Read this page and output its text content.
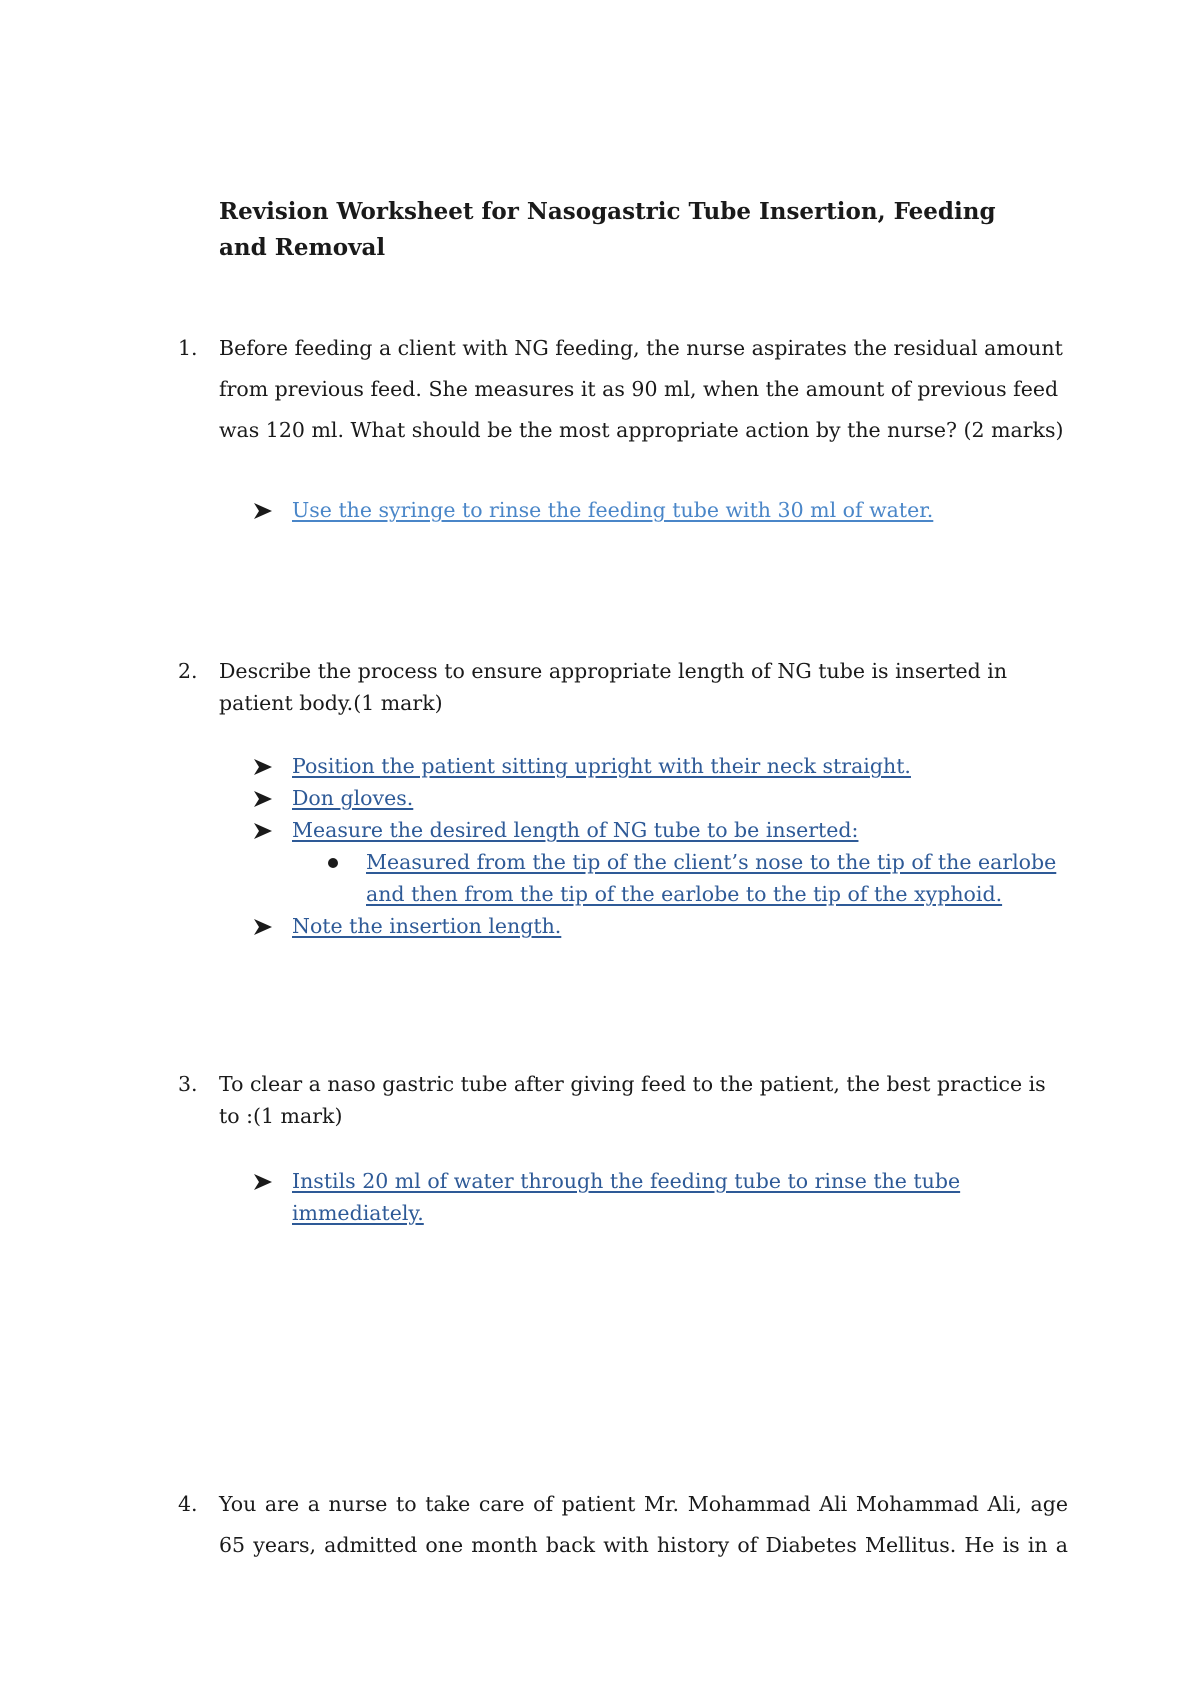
Revision Worksheet for Nasogastric Tube Insertion, Feeding and Removal
1.	Before feeding a client with NG feeding, the nurse aspirates the residual amount from previous feed. She measures it as 90 ml, when the amount of previous feed was 120 ml. What should be the most appropriate action by the nurse? (2 marks)
Use the syringe to rinse the feeding tube with 30 ml of water.
2.	Describe the process to ensure appropriate length of NG tube is inserted in patient body.(1 mark)
Position the patient sitting upright with their neck straight.
Don gloves.
Measure the desired length of NG tube to be inserted:
Measured from the tip of the client’s nose to the tip of the earlobe and then from the tip of the earlobe to the tip of the xyphoid.
Note the insertion length.
3.	To clear a naso gastric tube after giving feed to the patient, the best practice is to :(1 mark)
Instils 20 ml of water through the feeding tube to rinse the tube immediately.
4.	You are a nurse to take care of patient Mr. Mohammad Ali Mohammad Ali, age 65 years, admitted one month back with history of Diabetes Mellitus. He is in a
